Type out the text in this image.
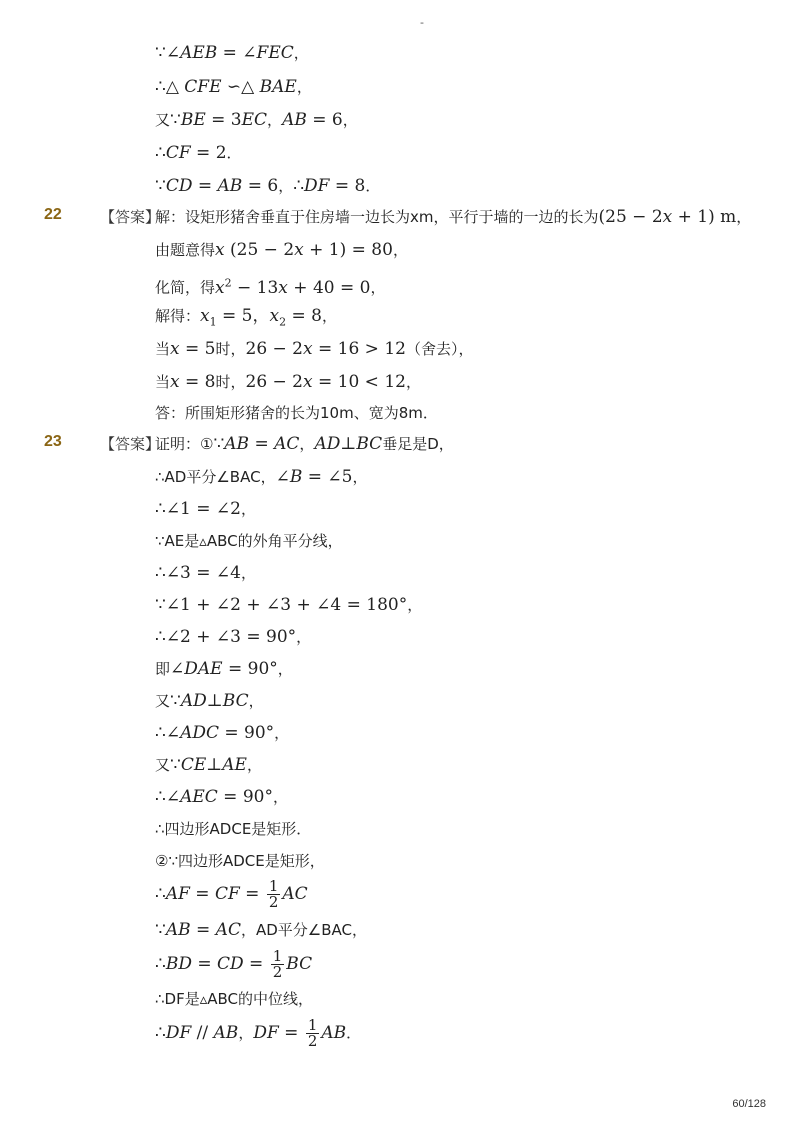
-
∵∠AEB = ∠FEC，
∴△ CFE ∽△ BAE，
又∵BE = 3EC，AB = 6，
∴CF = 2．
∵CD = AB = 6，∴DF = 8．
22	【答案】
解：设矩形猪舍垂直于住房墙一边长为xm，平行于墙的一边的长为(25 − 2x + 1) m，
由题意得x (25 − 2x + 1) = 80，
化简，得$x^2 - 13x + 40 = 0$，
解得：$x_1 = 5$，$x_2 = 8$，
当x = 5时，26 − 2x = 16 > 12（舍去），
当x = 8时，26 − 2x = 10 < 12，
答：所围矩形猪舍的长为10m、宽为8m．
23	【答案】
证明：①∵AB = AC，AD⊥BC垂足是D，
∴AD平分∠BAC，∠B = ∠5，
∴∠1 = ∠2，
∵AE是▵ABC的外角平分线，
∴∠3 = ∠4，
∵∠1 + ∠2 + ∠3 + ∠4 = 180°，
∴∠2 + ∠3 = 90°，
即∠DAE = 90°，
又∵AD⊥BC，
∴∠ADC = 90°，
又∵CE⊥AE，
∴∠AEC = 90°，
∴四边形ADCE是矩形．
②∵四边形ADCE是矩形，
∴AF = CF = $\frac{1}{2}$ AC
∵AB = AC，AD平分∠BAC，
∴BD = CD = $\frac{1}{2}$ BC
∴DF是▵ABC的中位线，
∴DF // AB，DF = $\frac{1}{2}$ AB．
60/128
